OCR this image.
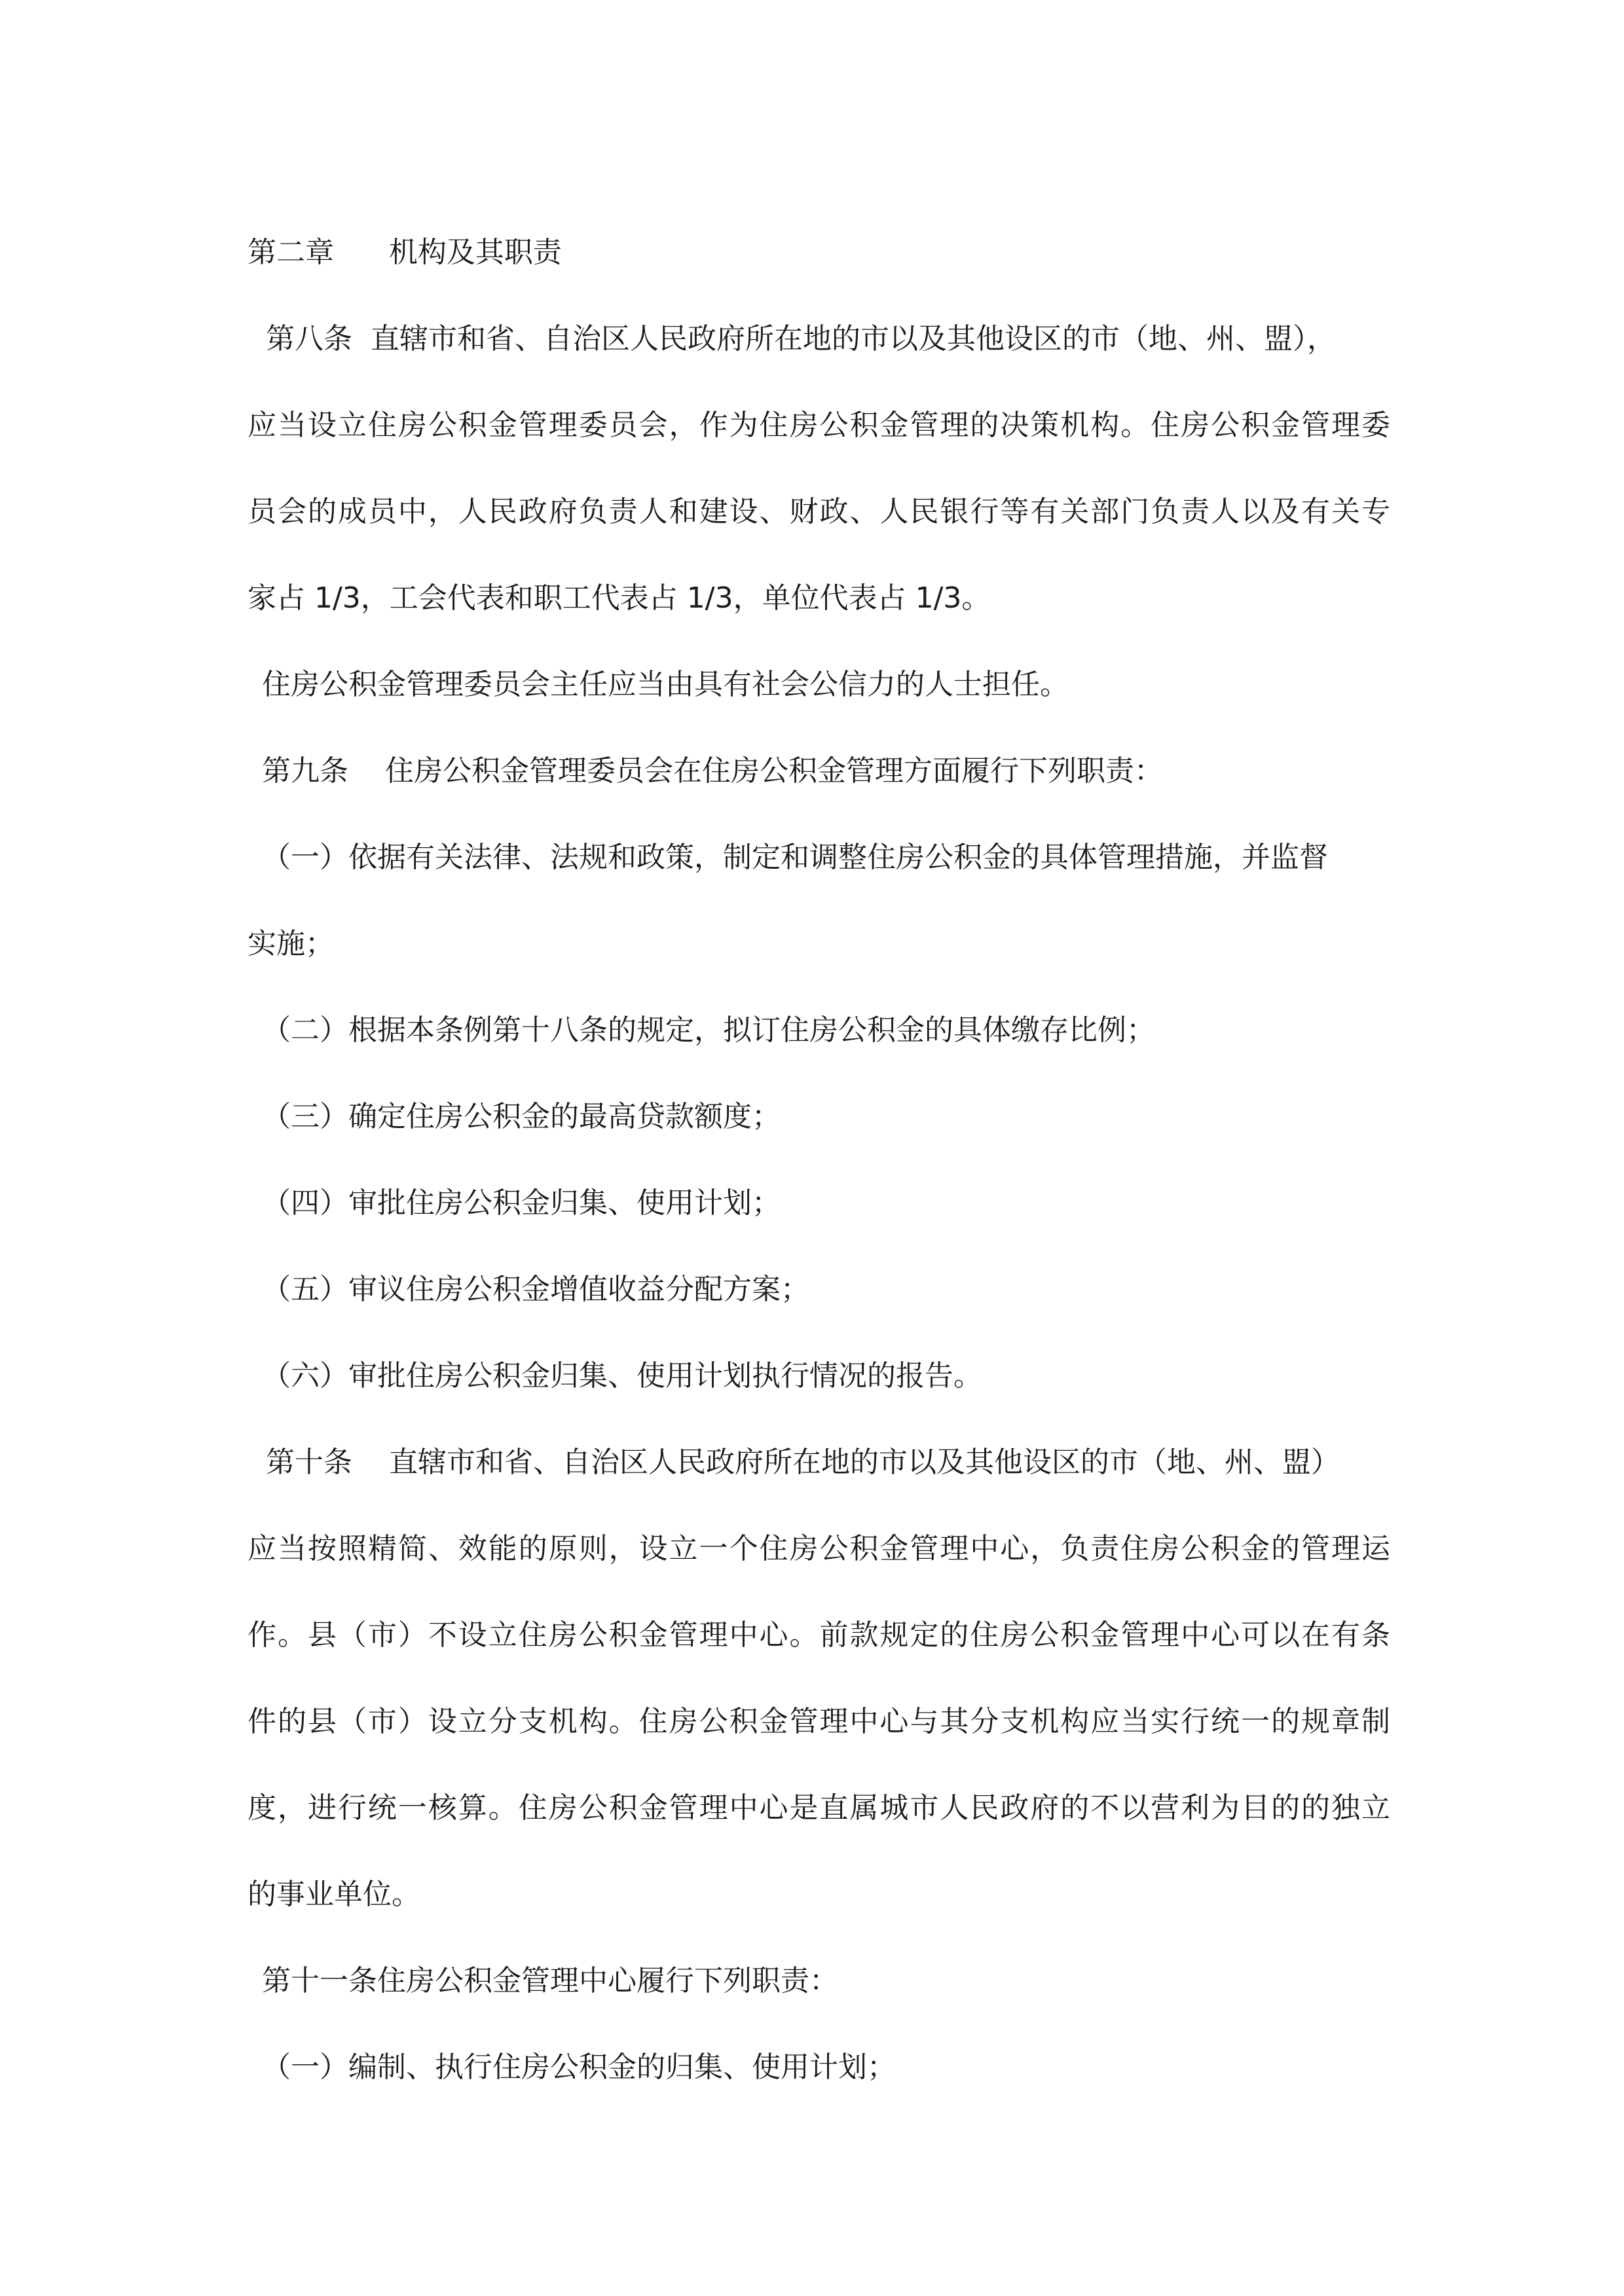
第二章      机构及其职责
第八条  直辖市和省、自治区人民政府所在地的市以及其他设区的市（地、州、盟），
应当设立住房公积金管理委员会，作为住房公积金管理的决策机构。住房公积金管理委
员会的成员中，人民政府负责人和建设、财政、人民银行等有关部门负责人以及有关专
家占 1/3，工会代表和职工代表占 1/3，单位代表占 1/3。
住房公积金管理委员会主任应当由具有社会公信力的人士担任。
第九条    住房公积金管理委员会在住房公积金管理方面履行下列职责：
（一）依据有关法律、法规和政策，制定和调整住房公积金的具体管理措施，并监督
实施；
（二）根据本条例第十八条的规定，拟订住房公积金的具体缴存比例；
（三）确定住房公积金的最高贷款额度；
（四）审批住房公积金归集、使用计划；
（五）审议住房公积金增值收益分配方案；
（六）审批住房公积金归集、使用计划执行情况的报告。
第十条    直辖市和省、自治区人民政府所在地的市以及其他设区的市（地、州、盟）
应当按照精简、效能的原则，设立一个住房公积金管理中心，负责住房公积金的管理运
作。县（市）不设立住房公积金管理中心。前款规定的住房公积金管理中心可以在有条
件的县（市）设立分支机构。住房公积金管理中心与其分支机构应当实行统一的规章制
度，进行统一核算。住房公积金管理中心是直属城市人民政府的不以营利为目的的独立
的事业单位。
第十一条住房公积金管理中心履行下列职责：
（一）编制、执行住房公积金的归集、使用计划；
